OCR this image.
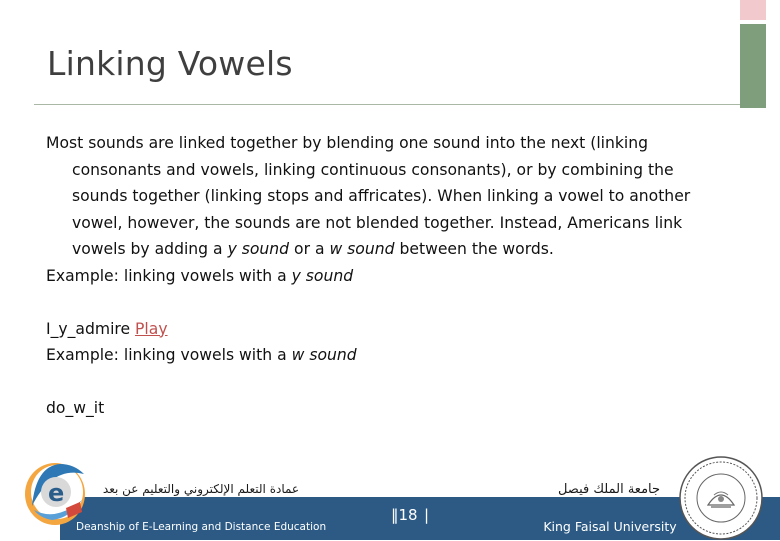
Linking Vowels

Most sounds are linked together by blending one sound into the next (linking consonants and vowels, linking continuous consonants), or by combining the sounds together (linking stops and affricates). When linking a vowel to another vowel, however, the sounds are not blended together. Instead, Americans link vowels by adding a y sound or a w sound between the words.

Example: linking vowels with a y sound

I_y_admire Play

Example: linking vowels with a w sound

do_w_it

e	عمادة التعلم الإلكتروني والتعليم عن بعد
Deanship of E-Learning and Distance Education
‖18 |
جامعة الملك فيصل
King Faisal University
